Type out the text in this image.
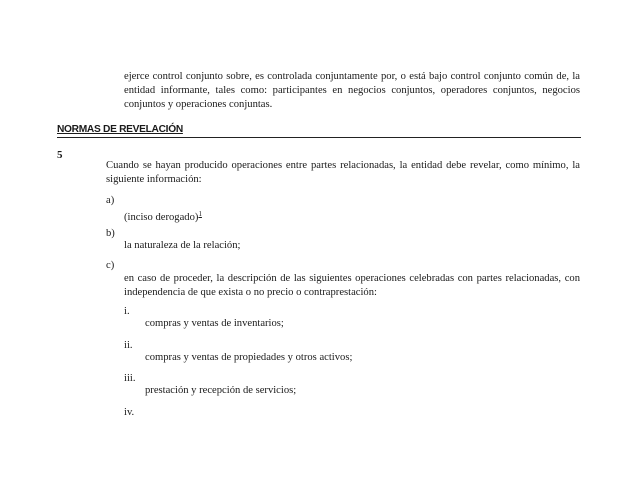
ejerce control conjunto sobre, es controlada conjuntamente por, o está bajo control conjunto común de, la entidad informante, tales como: participantes en negocios conjuntos, operadores conjuntos, negocios conjuntos y operaciones conjuntas.
NORMAS DE REVELACIÓN
5
Cuando se hayan producido operaciones entre partes relacionadas, la entidad debe revelar, como mínimo, la siguiente información:
a)
(inciso derogado)$^1$
b)
la naturaleza de la relación;
c)
en caso de proceder, la descripción de las siguientes operaciones celebradas con partes relacionadas, con independencia de que exista o no precio o contraprestación:
i.
compras y ventas de inventarios;
ii.
compras y ventas de propiedades y otros activos;
iii.
prestación y recepción de servicios;
iv.
